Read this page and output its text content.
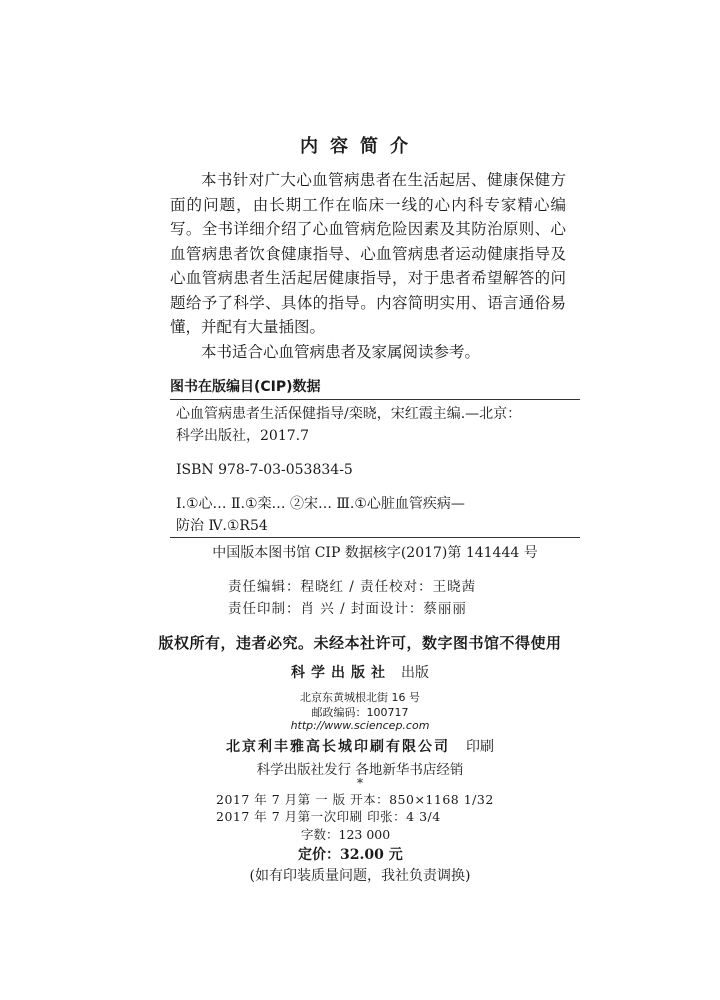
内容简介

本书针对广大心血管病患者在生活起居、健康保健方面的问题，由长期工作在临床一线的心内科专家精心编写。全书详细介绍了心血管病危险因素及其防治原则、心血管病患者饮食健康指导、心血管病患者运动健康指导及心血管病患者生活起居健康指导，对于患者希望解答的问题给予了科学、具体的指导。内容简明实用、语言通俗易懂，并配有大量插图。

本书适合心血管病患者及家属阅读参考。

图书在版编目(CIP)数据
心血管病患者生活保健指导/栾晓，宋红霞主编.—北京：
科学出版社，2017.7
ISBN 978-7-03-053834-5
Ⅰ.①心… Ⅱ.①栾… ②宋… Ⅲ.①心脏血管疾病—
防治 Ⅳ.①R54
中国版本图书馆 CIP 数据核字(2017)第 141444 号
责任编辑：程晓红 / 责任校对：王晓茜
责任印制：肖 兴 / 封面设计：蔡丽丽
版权所有，违者必究。未经本社许可，数字图书馆不得使用
科学出版社 出版
北京东黄城根北街 16 号
邮政编码：100717
http://www.sciencep.com
北京利丰雅高长城印刷有限公司 印刷
科学出版社发行 各地新华书店经销
*
2017 年 7 月第 一 版 开本：850×1168 1/32
2017 年 7 月第一次印刷 印张：4 3/4
字数：123 000
定价：32.00 元
(如有印装质量问题，我社负责调换)
